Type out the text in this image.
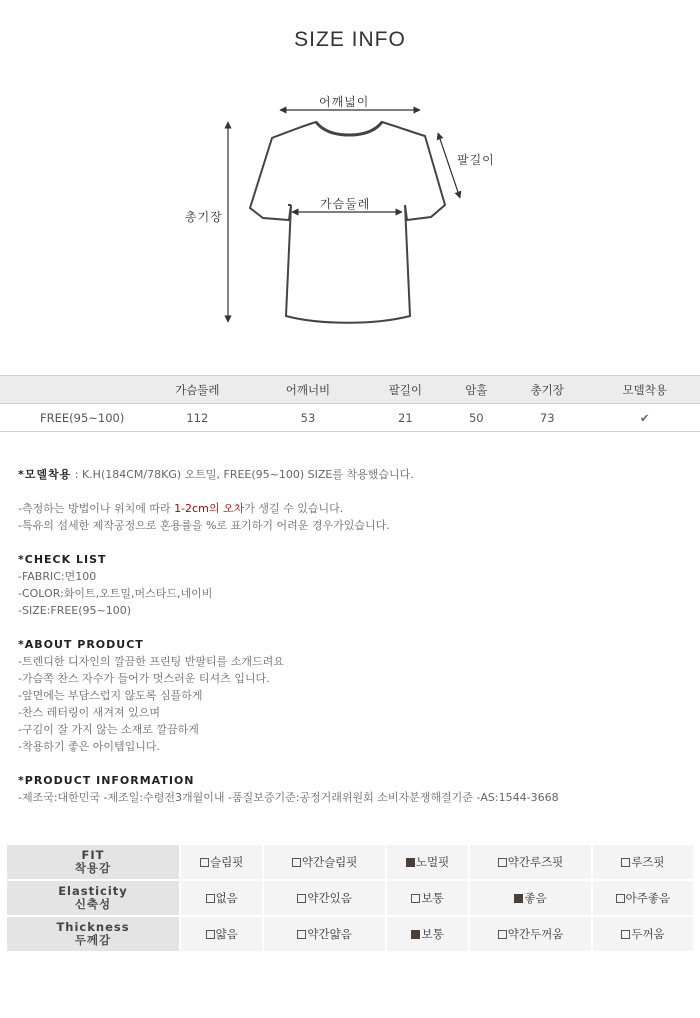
SIZE INFO
어깨넓이
팔길이
가슴둘레
총기장
	가슴둘레	어깨너비	팔길이	암홀	총기장	모델착용
FREE(95~100)	112	53	21	50	73	✔

*모델착용 : K.H(184CM/78KG) 오트밀, FREE(95~100) SIZE를 착용했습니다.

-측정하는 방법이나 위치에 따라 1-2cm의 오차가 생길 수 있습니다.

-특유의 섬세한 제작공정으로 혼용률을 %로 표기하기 어려운 경우가있습니다.

*CHECK LIST

-FABRIC:면100

-COLOR:화이트,오트밀,머스타드,네이비

-SIZE:FREE(95~100)

*ABOUT PRODUCT

-트렌디한 디자인의 깔끔한 프린팅 반팔티를 소개드려요

-가슴쪽 찬스 자수가 들어가 멋스러운 티셔츠 입니다.

-앞면에는 부담스럽지 않도록 심플하게

-찬스 레터링이 새겨져 있으며

-구김이 잘 가지 않는 소재로 깔끔하게

-착용하기 좋은 아이템입니다.

*PRODUCT INFORMATION

-제조국:대한민국 -제조일:수령전3개월이내 -품질보증기준:공정거래위원회 소비자분쟁해결기준 -AS:1544-3668

FIT
착용감	슬림핏	약간슬림핏	노멀핏	약간루즈핏	루즈핏

Elasticity
신축성	없음	약간있음	보통	좋음	아주좋음

Thickness
두께감	얇음	약간얇음	보통	약간두꺼움	두꺼움
